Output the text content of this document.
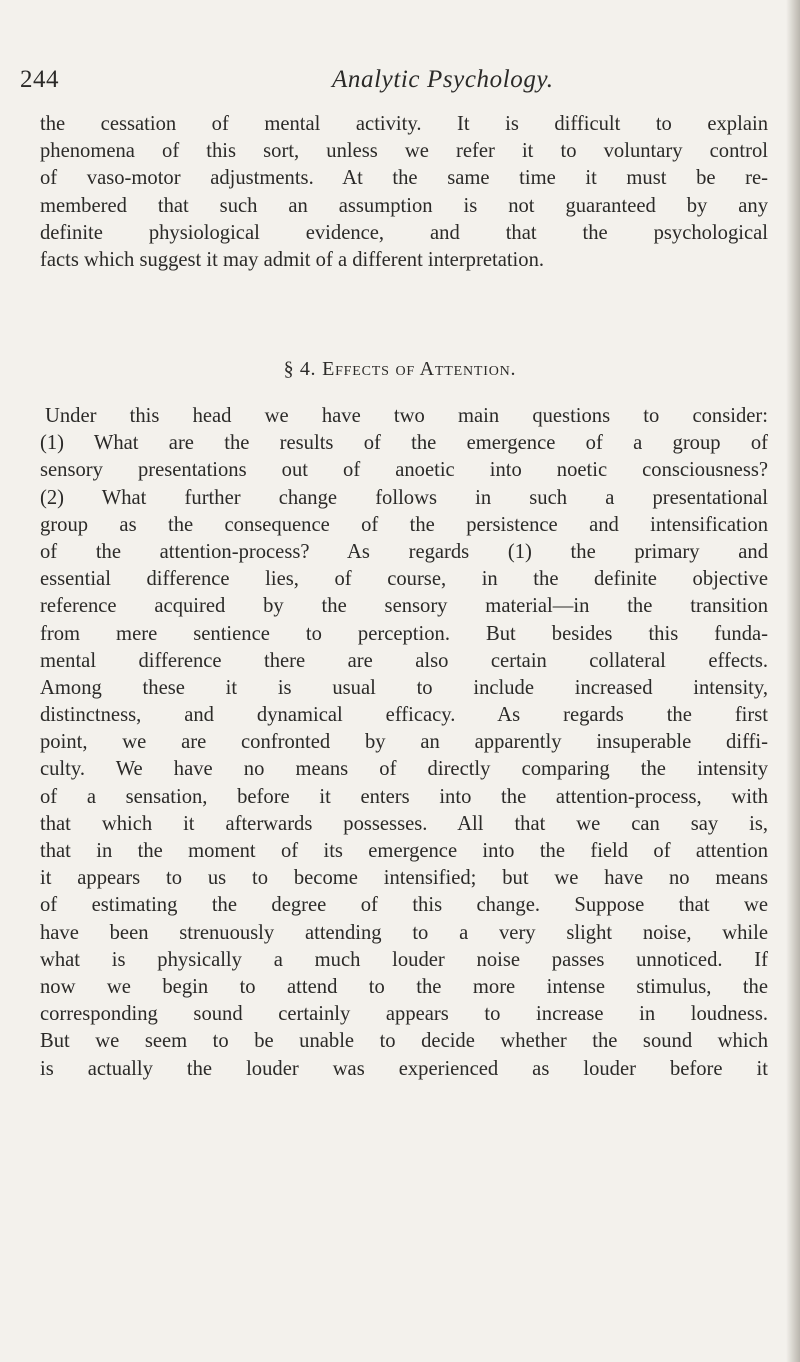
244	Analytic Psychology.
the cessation of mental activity. It is difficult to explain
phenomena of this sort, unless we refer it to voluntary control
of vaso-motor adjustments. At the same time it must be re-
membered that such an assumption is not guaranteed by any
definite physiological evidence, and that the psychological
facts which suggest it may admit of a different interpretation.
§ 4. Effects of Attention.
Under this head we have two main questions to consider:
(1) What are the results of the emergence of a group of
sensory presentations out of anoetic into noetic consciousness?
(2) What further change follows in such a presentational
group as the consequence of the persistence and intensification
of the attention-process? As regards (1) the primary and
essential difference lies, of course, in the definite objective
reference acquired by the sensory material—in the transition
from mere sentience to perception. But besides this funda-
mental difference there are also certain collateral effects.
Among these it is usual to include increased intensity,
distinctness, and dynamical efficacy. As regards the first
point, we are confronted by an apparently insuperable diffi-
culty. We have no means of directly comparing the intensity
of a sensation, before it enters into the attention-process, with
that which it afterwards possesses. All that we can say is,
that in the moment of its emergence into the field of attention
it appears to us to become intensified; but we have no means
of estimating the degree of this change. Suppose that we
have been strenuously attending to a very slight noise, while
what is physically a much louder noise passes unnoticed. If
now we begin to attend to the more intense stimulus, the
corresponding sound certainly appears to increase in loudness.
But we seem to be unable to decide whether the sound which
is actually the louder was experienced as louder before it
